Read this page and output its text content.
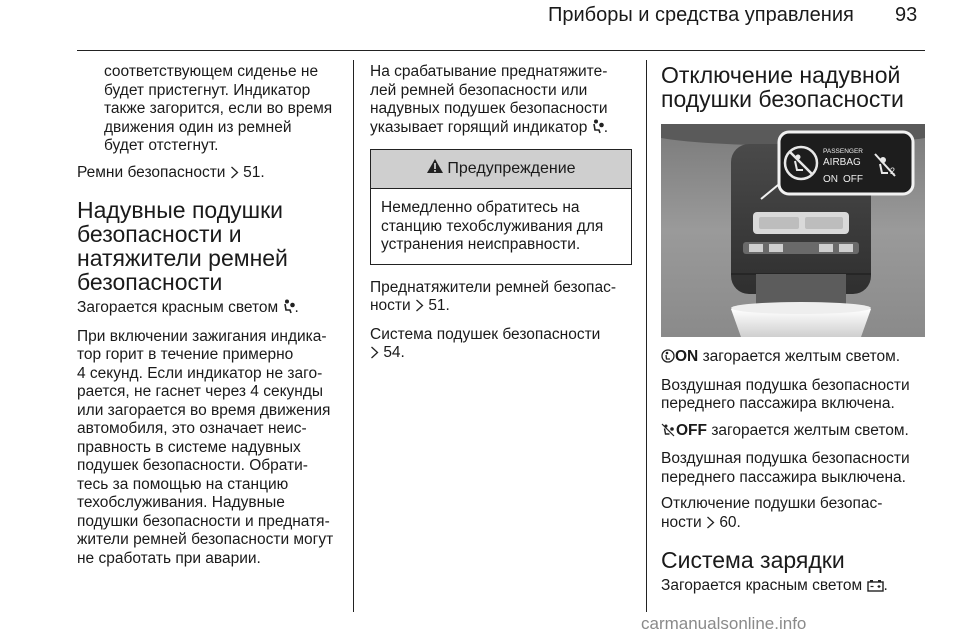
Приборы и средства управления 93

соответствующем сиденье не
будет пристегнут. Индикатор
также загорится, если во время
движения один из ремней
будет отстегнут.

Ремни безопасности 51.

Надувные подушки
безопасности и
натяжители ремней
безопасности

Загорается красным светом .

При включении зажигания индика-
тор горит в течение примерно
4 секунд. Если индикатор не заго-
рается, не гаснет через 4 секунды
или загорается во время движения
автомобиля, это означает неис-
правность в системе надувных
подушек безопасности. Обрати-
тесь за помощью на станцию
техобслуживания. Надувные
подушки безопасности и преднатя-
жители ремней безопасности могут
не сработать при аварии.

На срабатывание преднатяжите-
лей ремней безопасности или
надувных подушек безопасности
указывает горящий индикатор .

Предупреждение
Немедленно обратитесь на
станцию техобслуживания для
устранения неисправности.

Преднатяжители ремней безопас-
ности 51.

Система подушек безопасности
54.

Отключение надувной
подушки безопасности
PASSENGER
AIRBAG
ON OFF
2

ON загорается желтым светом.

Воздушная подушка безопасности
переднего пассажира включена.

OFF загорается желтым светом.

Воздушная подушка безопасности
переднего пассажира выключена.

Отключение подушки безопас-
ности 60.

Система зарядки

Загорается красным светом .

carmanualsonline.info
